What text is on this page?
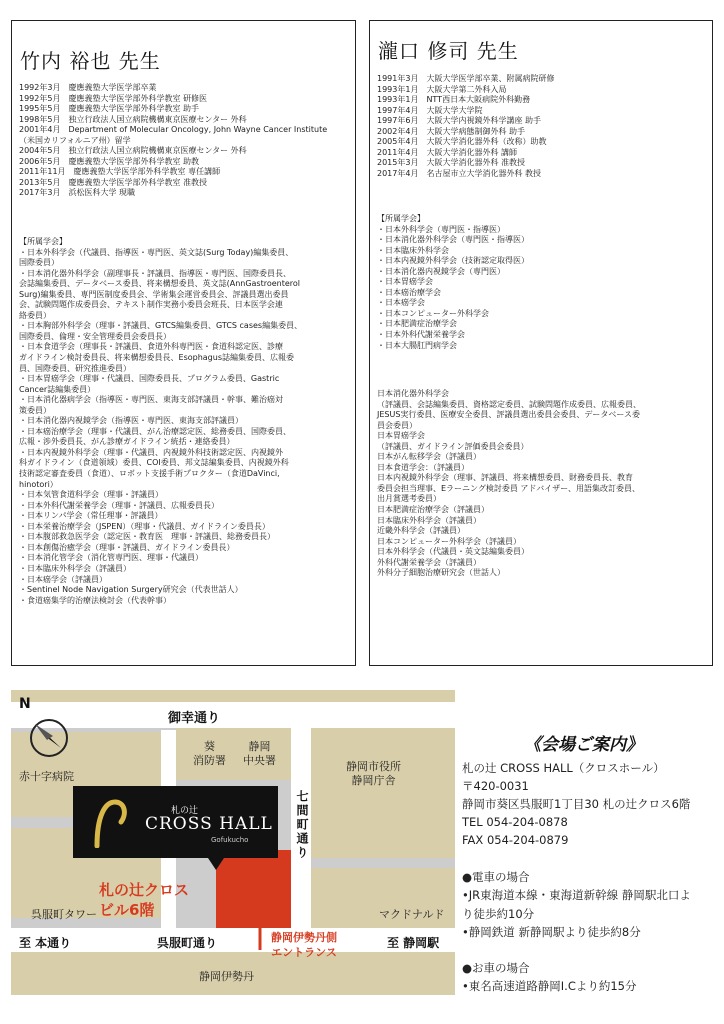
竹内 裕也 先生
1992年3月　慶應義塾大学医学部卒業
1992年5月　慶應義塾大学医学部外科学教室 研修医
1995年5月　慶應義塾大学医学部外科学教室 助手
1998年5月　独立行政法人国立病院機構東京医療センター 外科
2001年4月　Department of Molecular Oncology, John Wayne Cancer Institute
（米国カリフォルニア州）留学
2004年5月　独立行政法人国立病院機構東京医療センター 外科
2006年5月　慶應義塾大学医学部外科学教室 助教
2011年11月　慶應義塾大学医学部外科学教室 専任講師
2013年5月　慶應義塾大学医学部外科学教室 准教授
2017年3月　浜松医科大学 現職
【所属学会】
・日本外科学会（代議員、指導医・専門医、英文誌(Surg Today)編集委員、
国際委員）
・日本消化器外科学会（副理事長・評議員、指導医・専門医、国際委員長、
会誌編集委員、データベース委員、将来構想委員、英文誌(AnnGastroenterol
Surg)編集委員、専門医制度委員会、学術集会運営委員会、評議員選出委員
会、試験問題作成委員会、テキスト制作実務小委員会班長、日本医学会連
絡委員）
・日本胸部外科学会（理事・評議員、GTCS編集委員、GTCS cases編集委員、
国際委員、倫理・安全管理委員会委員長）
・日本食道学会（理事長・評議員、食道外科専門医・食道科認定医、診療
ガイドライン検討委員長、将来構想委員長、Esophagus誌編集委員、広報委
員、国際委員、研究推進委員）
・日本胃癌学会（理事・代議員、国際委員長、プログラム委員、Gastric
Cancer誌編集委員）
・日本消化器病学会（指導医・専門医、東海支部評議員・幹事、難治癌対
策委員）
・日本消化器内視鏡学会（指導医・専門医、東海支部評議員）
・日本癌治療学会（理事・代議員、がん治療認定医、総務委員、国際委員、
広報・渉外委員長、がん診療ガイドライン統括・連絡委員）
・日本内視鏡外科学会（理事・代議員、内視鏡外科技術認定医、内視鏡外
科ガイドライン（食道領域）委員、COI委員、邦文誌編集委員、内視鏡外科
技術認定審査委員（食道）、ロボット支援手術プロクター（食道DaVinci,
hinotori）
・日本気管食道科学会（理事・評議員）
・日本外科代謝栄養学会（理事・評議員、広報委員長）
・日本リンパ学会（常任理事・評議員）
・日本栄養治療学会（JSPEN）（理事・代議員、ガイドライン委員長）
・日本腹部救急医学会（認定医・教育医　理事・評議員、総務委員長）
・日本創傷治癒学会（理事・評議員、ガイドライン委員長）
・日本消化管学会（消化管専門医、理事・代議員）
・日本臨床外科学会（評議員）
・日本癌学会（評議員）
・Sentinel Node Navigation Surgery研究会（代表世話人）
・食道癌集学的治療法検討会（代表幹事）
瀧口 修司 先生
1991年3月　大阪大学医学部卒業、附属病院研修
1993年1月　大阪大学第二外科入局
1993年1月　NTT西日本大阪病院外科勤務
1997年4月　大阪大学大学院
1997年6月　大阪大学内視鏡外科学講座 助手
2002年4月　大阪大学病態制御外科 助手
2005年4月　大阪大学消化器外科（改称）助教
2011年4月　大阪大学消化器外科 講師
2015年3月　大阪大学消化器外科 准教授
2017年4月　名古屋市立大学消化器外科 教授
【所属学会】
・日本外科学会（専門医・指導医）
・日本消化器外科学会（専門医・指導医）
・日本臨床外科学会
・日本内視鏡外科学会（技術認定取得医）
・日本消化器内視鏡学会（専門医）
・日本胃癌学会
・日本癌治療学会
・日本癌学会
・日本コンピューター外科学会
・日本肥満症治療学会
・日本外科代謝栄養学会
・日本大腸肛門病学会
日本消化器外科学会
（評議員、会誌編集委員、資格認定委員、試験問題作成委員、広報委員、
JESUS実行委員、医療安全委員、評議員選出委員会委員、データベース委
員会委員）
日本胃癌学会
（評議員、ガイドライン評価委員会委員）
日本がん転移学会（評議員）
日本食道学会：（評議員）
日本内視鏡外科学会（理事、評議員、将来構想委員、財務委員長、教育
委員会担当理事、Eラーニング検討委員 アドバイザー、用語集改訂委員、
出月賞選考委員）
日本肥満症治療学会（評議員）
日本臨床外科学会（評議員）
近畿外科学会（評議員）
日本コンピューター外科学会（評議員）
日本外科学会（代議員・英文誌編集委員）
外科代謝栄養学会（評議員）
外科分子細胞治療研究会（世話人）
御幸通り
七間町通り
至 本通り	呉服町通り	至 静岡駅
葵
消防署
静岡
中央署	静岡市役所
静岡庁舎
赤十字病院
呉服町タワー	マクドナルド
静岡伊勢丹
N
札の辻
CROSS HALL
Gofukucho
札の辻クロス
ビル6階
静岡伊勢丹側
エントランス
《会場ご案内》
札の辻 CROSS HALL（クロスホール）
〒420-0031
静岡市葵区呉服町1丁目30 札の辻クロス6階
TEL 054-204-0878
FAX 054-204-0879
●電車の場合
•JR東海道本線・東海道新幹線 静岡駅北口よ
り徒歩約10分
•静岡鉄道 新静岡駅より徒歩約8分
●お車の場合
•東名高速道路静岡I.Cより約15分
